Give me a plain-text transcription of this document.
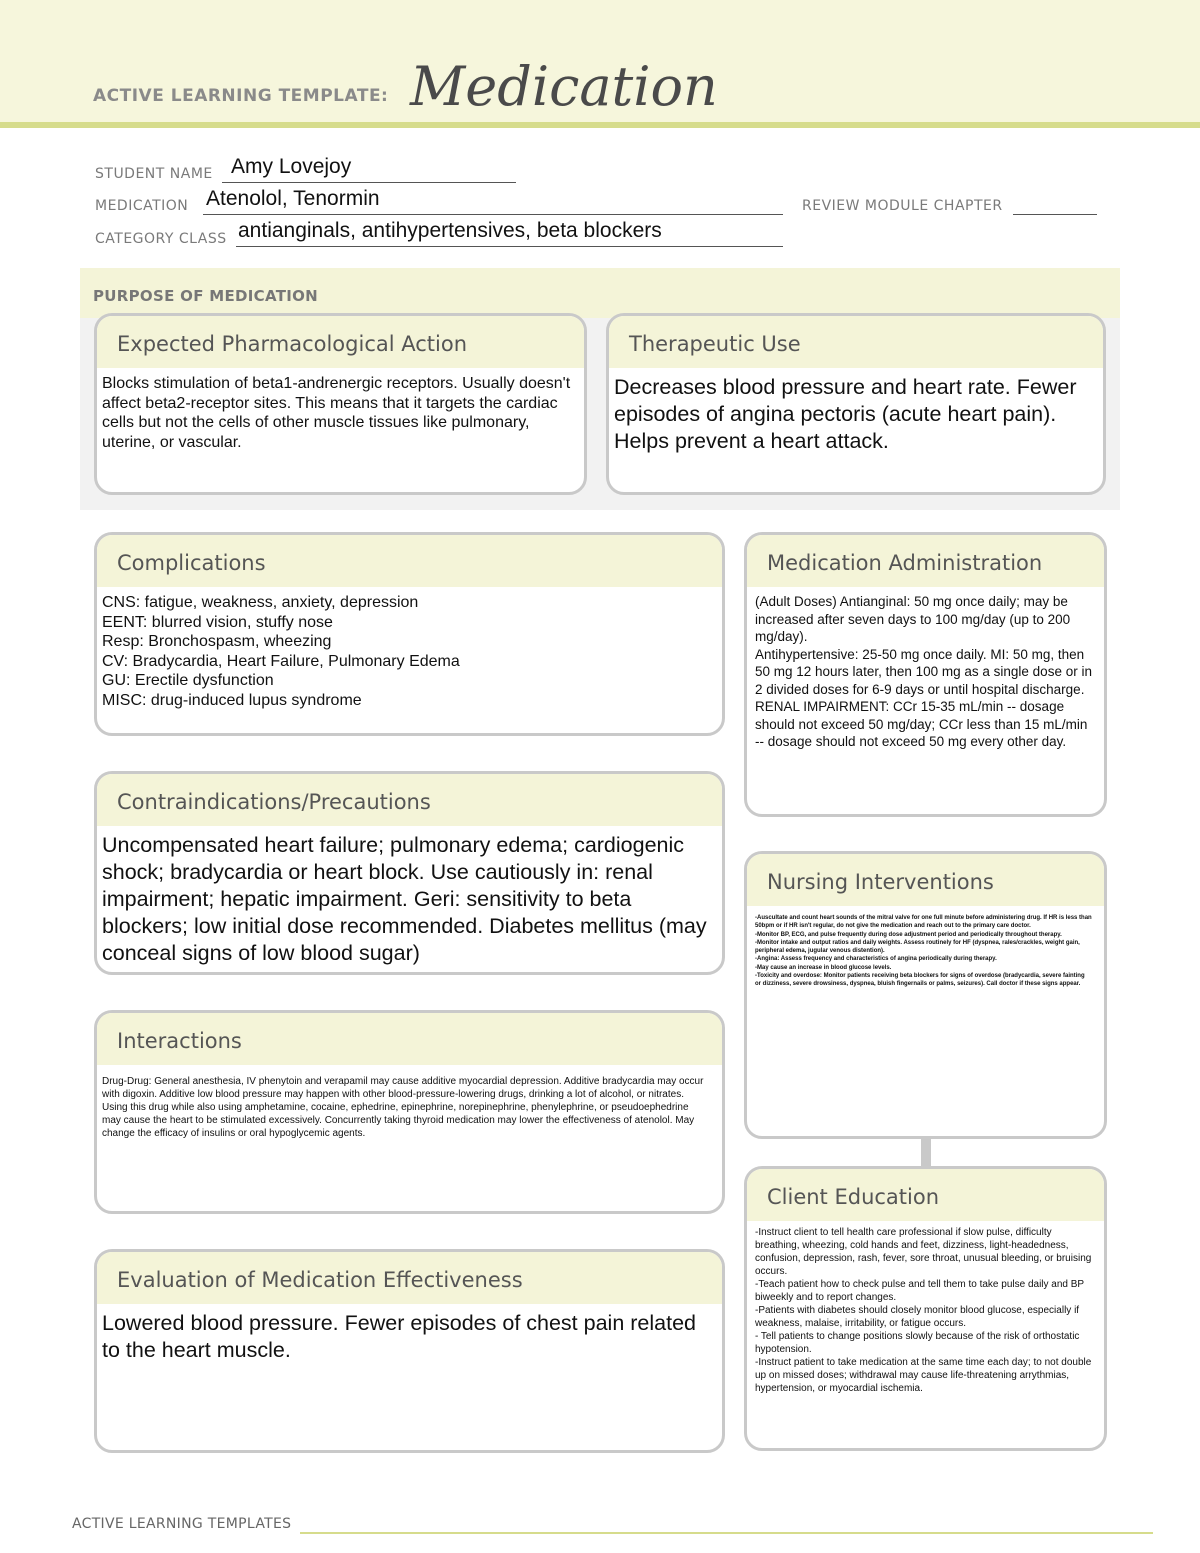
ACTIVE LEARNING TEMPLATE: Medication
STUDENT NAME Amy Lovejoy
MEDICATION Atenolol, Tenormin	REVIEW MODULE CHAPTER
CATEGORY CLASS antianginals, antihypertensives, beta blockers
PURPOSE OF MEDICATION
Expected Pharmacological Action
Blocks stimulation of beta1-andrenergic receptors. Usually doesn't affect beta2-receptor sites. This means that it targets the cardiac cells but not the cells of other muscle tissues like pulmonary, uterine, or vascular.
Therapeutic Use
Decreases blood pressure and heart rate. Fewer episodes of angina pectoris (acute heart pain). Helps prevent a heart attack.
Complications
CNS: fatigue, weakness, anxiety, depression
EENT: blurred vision, stuffy nose
Resp: Bronchospasm, wheezing
CV: Bradycardia, Heart Failure, Pulmonary Edema
GU: Erectile dysfunction
MISC: drug-induced lupus syndrome
Medication Administration
(Adult Doses) Antianginal: 50 mg once daily; may be increased after seven days to 100 mg/day (up to 200 mg/day).
Antihypertensive: 25-50 mg once daily. MI: 50 mg, then 50 mg 12 hours later, then 100 mg as a single dose or in 2 divided doses for 6-9 days or until hospital discharge.
RENAL IMPAIRMENT: CCr 15-35 mL/min -- dosage should not exceed 50 mg/day; CCr less than 15 mL/min -- dosage should not exceed 50 mg every other day.
Contraindications/Precautions
Uncompensated heart failure; pulmonary edema; cardiogenic shock; bradycardia or heart block. Use cautiously in: renal impairment; hepatic impairment. Geri: sensitivity to beta blockers; low initial dose recommended. Diabetes mellitus (may conceal signs of low blood sugar)
Nursing Interventions
-Auscultate and count heart sounds of the mitral valve for one full minute before administering drug. If HR is less than 50bpm or if HR isn't regular, do not give the medication and reach out to the primary care doctor.
-Monitor BP, ECG, and pulse frequently during dose adjustment period and periodically throughout therapy.
-Monitor intake and output ratios and daily weights. Assess routinely for HF (dyspnea, rales/crackles, weight gain, peripheral edema, jugular venous distention).
-Angina: Assess frequency and characteristics of angina periodically during therapy.
-May cause an increase in blood glucose levels.
-Toxicity and overdose: Monitor patients receiving beta blockers for signs of overdose (bradycardia, severe fainting or dizziness, severe drowsiness, dyspnea, bluish fingernails or palms, seizures). Call doctor if these signs appear.
Interactions
Drug-Drug: General anesthesia, IV phenytoin and verapamil may cause additive myocardial depression. Additive bradycardia may occur with digoxin. Additive low blood pressure may happen with other blood-pressure-lowering drugs, drinking a lot of alcohol, or nitrates. Using this drug while also using amphetamine, cocaine, ephedrine, epinephrine, norepinephrine, phenylephrine, or pseudoephedrine may cause the heart to be stimulated excessively. Concurrently taking thyroid medication may lower the effectiveness of atenolol. May change the efficacy of insulins or oral hypoglycemic agents.
Client Education
-Instruct client to tell health care professional if slow pulse, difficulty breathing, wheezing, cold hands and feet, dizziness, light-headedness, confusion, depression, rash, fever, sore throat, unusual bleeding, or bruising occurs.
-Teach patient how to check pulse and tell them to take pulse daily and BP biweekly and to report changes.
-Patients with diabetes should closely monitor blood glucose, especially if weakness, malaise, irritability, or fatigue occurs.
- Tell patients to change positions slowly because of the risk of orthostatic hypotension.
-Instruct patient to take medication at the same time each day; to not double up on missed doses; withdrawal may cause life-threatening arrythmias, hypertension, or myocardial ischemia.
Evaluation of Medication Effectiveness
Lowered blood pressure. Fewer episodes of chest pain related to the heart muscle.
ACTIVE LEARNING TEMPLATES
